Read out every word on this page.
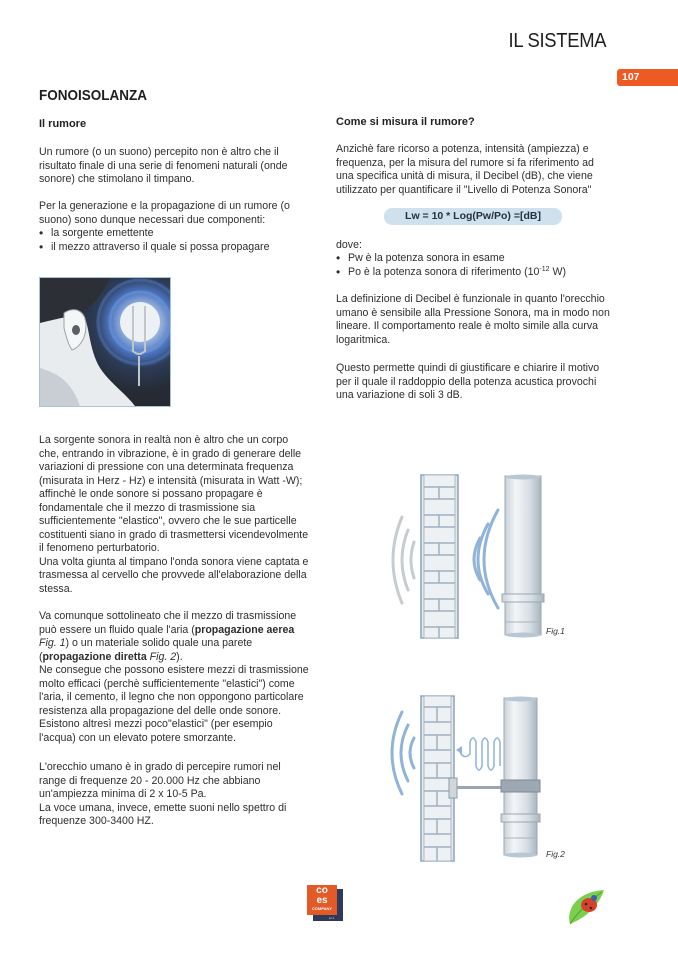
IL SISTEMA
107
FONOISOLANZA
Il rumore

Un rumore (o un suono) percepito non è altro che il risultato finale di una serie di fenomeni naturali (onde sonore) che stimolano il timpano.

Per la generazione e la propagazione di un rumore (o suono) sono dunque necessari due componenti:

• la sorgente emettente
• il mezzo attraverso il quale si possa propagare

La sorgente sonora in realtà non è altro che un corpo che, entrando in vibrazione, è in grado di generare delle variazioni di pressione con una determinata frequenza (misurata in Herz - Hz) e intensità (misurata in Watt -W); affinchè le onde sonore si possano propagare è fondamentale che il mezzo di trasmissione sia sufficientemente "elastico", ovvero che le sue particelle costituenti siano in grado di trasmettersi vicendevolmente il fenomeno perturbatorio.
Una volta giunta al timpano l'onda sonora viene captata e trasmessa al cervello che provvede all'elaborazione della stessa.

Va comunque sottolineato che il mezzo di trasmissione può essere un fluido quale l'aria (propagazione aerea Fig. 1) o un materiale solido quale una parete (propagazione diretta Fig. 2).
Ne consegue che possono esistere mezzi di trasmissione molto efficaci (perchè sufficientemente "elastici") come l'aria, il cemento, il legno che non oppongono particolare resistenza alla propagazione del delle onde sonore. Esistono altresì mezzi poco"elastici" (per esempio l'acqua) con un elevato potere smorzante.

L'orecchio umano è in grado di percepire rumori nel range di frequenze 20 - 20.000 Hz che abbiano un'ampiezza minima di 2 x 10-5 Pa.
La voce umana, invece, emette suoni nello spettro di frequenze 300-3400 HZ.

Come si misura il rumore?

Anzichè fare ricorso a potenza, intensità (ampiezza) e frequenza, per la misura del rumore si fa riferimento ad una specifica unità di misura, il Decibel (dB), che viene utilizzato per quantificare il "Livello di Potenza Sonora"

Lw = 10 * Log(Pw/Po) =[dB]

dove:

• Pw è la potenza sonora in esame
• Po è la potenza sonora di riferimento ($10^{-12}$ W)

La definizione di Decibel è funzionale in quanto l'orecchio umano è sensibile alla Pressione Sonora, ma in modo non lineare. Il comportamento reale è molto simile alla curva logaritmica.

Questo permette quindi di giustificare e chiarire il motivo per il quale il raddoppio della potenza acustica provochi una variazione di soli 3 dB.

Fig.1
Fig.2
co
es
COMPANY
s.r.l.
